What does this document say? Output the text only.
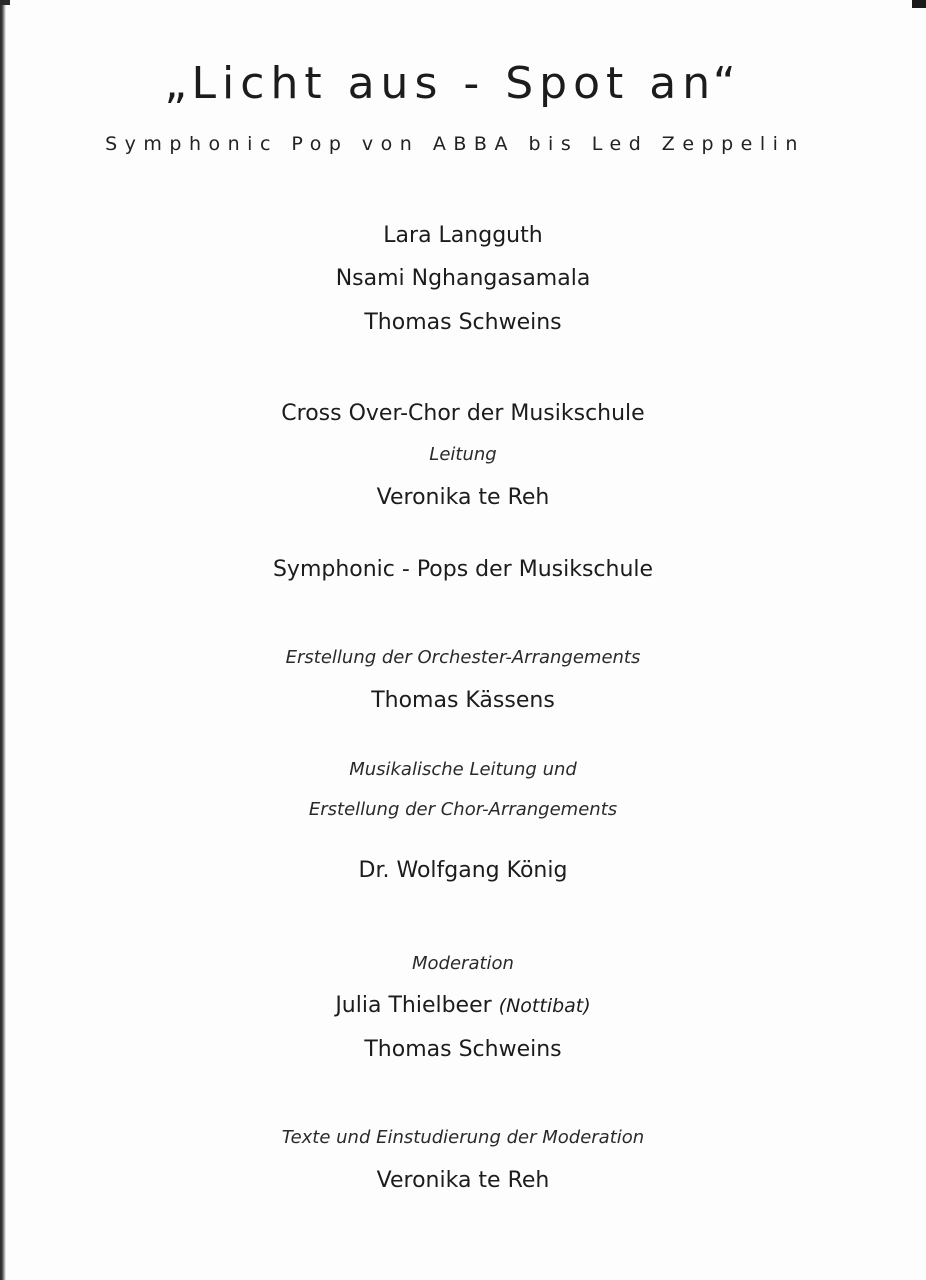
„Licht aus - Spot an“
Symphonic Pop von ABBA bis Led Zeppelin
Lara Langguth
Nsami Nghangasamala
Thomas Schweins
Cross Over-Chor der Musikschule
Leitung
Veronika te Reh
Symphonic - Pops der Musikschule
Erstellung der Orchester-Arrangements
Thomas Kässens
Musikalische Leitung und
Erstellung der Chor-Arrangements
Dr. Wolfgang König
Moderation
Julia Thielbeer (Nottibat)
Thomas Schweins
Texte und Einstudierung der Moderation
Veronika te Reh
